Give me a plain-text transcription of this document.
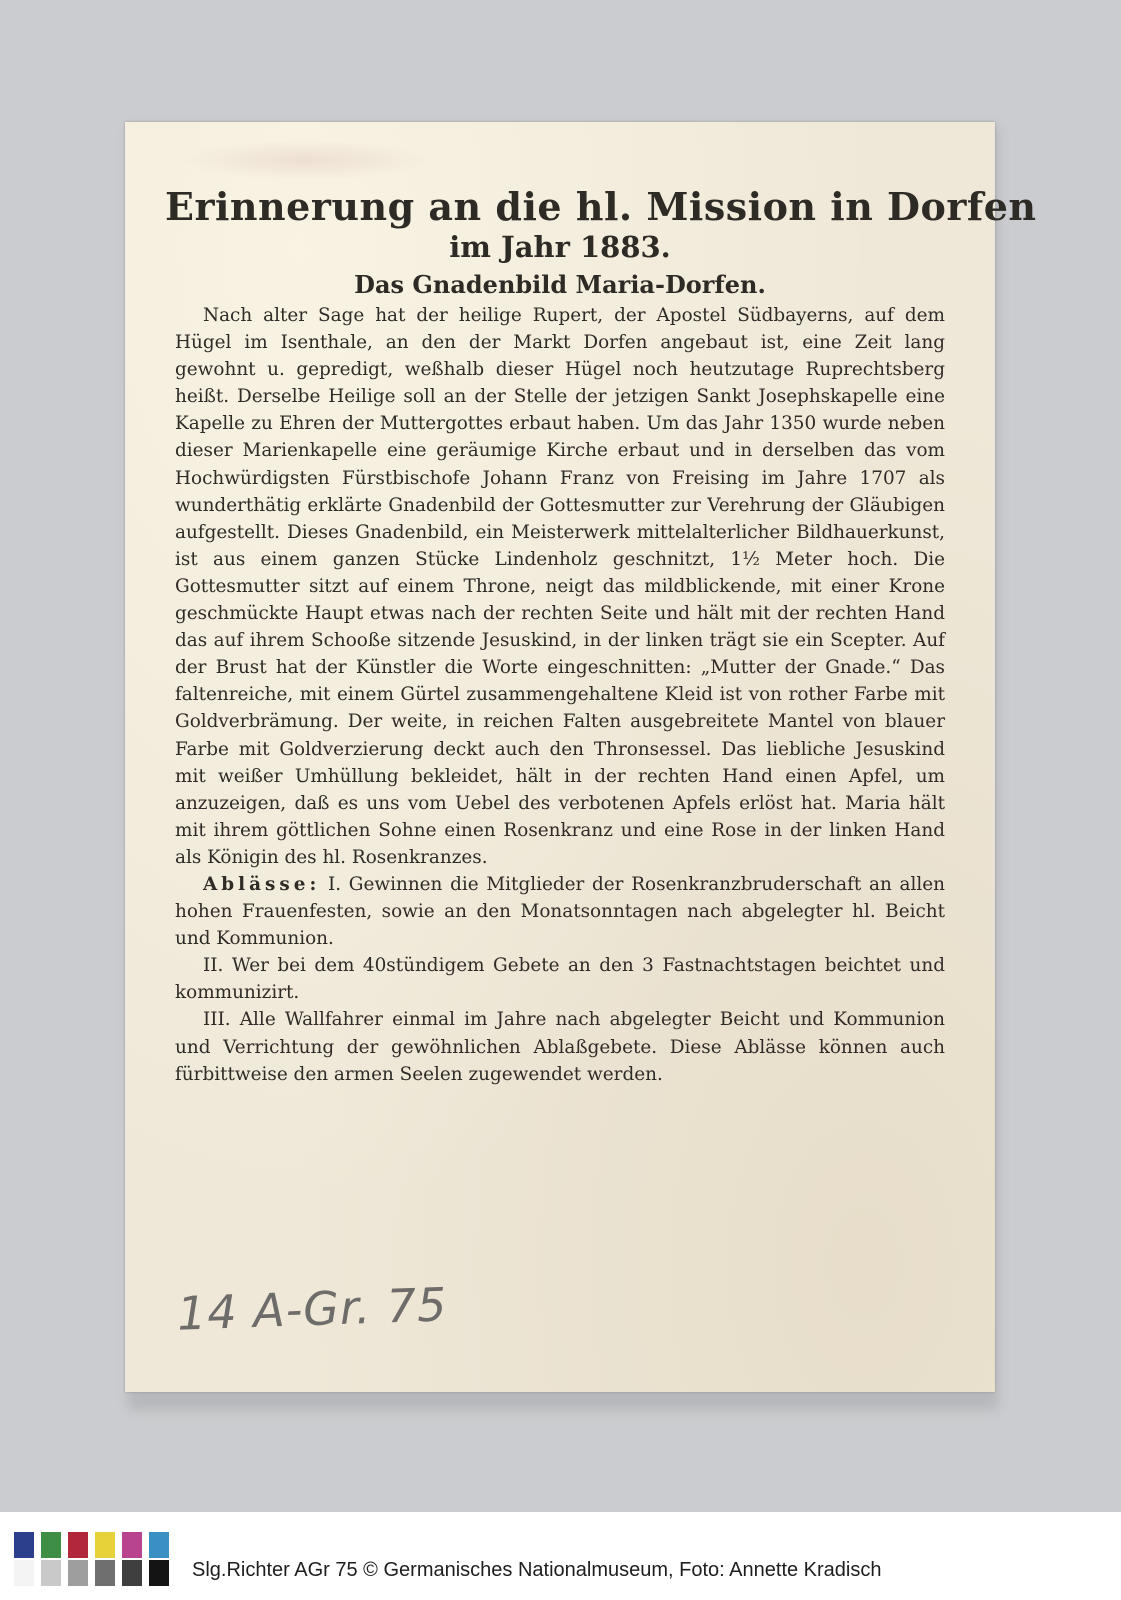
Erinnerung an die hl. Mission in Dorfen
im Jahr 1883.
Das Gnadenbild Maria-Dorfen.

Nach alter Sage hat der heilige Rupert, der Apostel Südbayerns, auf dem Hügel im Isenthale, an den der Markt Dorfen angebaut ist, eine Zeit lang gewohnt u. gepredigt, weßhalb dieser Hügel noch heutzutage Ruprechtsberg heißt. Derselbe Heilige soll an der Stelle der jetzigen Sankt Josephskapelle eine Kapelle zu Ehren der Muttergottes erbaut haben. Um das Jahr 1350 wurde neben dieser Marienkapelle eine geräumige Kirche erbaut und in derselben das vom Hochwürdigsten Fürstbischofe Johann Franz von Freising im Jahre 1707 als wunderthätig erklärte Gnadenbild der Gottesmutter zur Verehrung der Gläubigen aufgestellt. Dieses Gnadenbild, ein Meisterwerk mittelalterlicher Bildhauerkunst, ist aus einem ganzen Stücke Lindenholz geschnitzt, 1½ Meter hoch. Die Gottesmutter sitzt auf einem Throne, neigt das mildblickende, mit einer Krone geschmückte Haupt etwas nach der rechten Seite und hält mit der rechten Hand das auf ihrem Schooße sitzende Jesuskind, in der linken trägt sie ein Scepter. Auf der Brust hat der Künstler die Worte eingeschnitten: „Mutter der Gnade.“ Das faltenreiche, mit einem Gürtel zusammengehaltene Kleid ist von rother Farbe mit Goldverbrämung. Der weite, in reichen Falten ausgebreitete Mantel von blauer Farbe mit Goldverzierung deckt auch den Thronsessel. Das liebliche Jesuskind mit weißer Umhüllung bekleidet, hält in der rechten Hand einen Apfel, um anzuzeigen, daß es uns vom Uebel des verbotenen Apfels erlöst hat. Maria hält mit ihrem göttlichen Sohne einen Rosenkranz und eine Rose in der linken Hand als Königin des hl. Rosenkranzes.

Ablässe: I. Gewinnen die Mitglieder der Rosenkranzbruderschaft an allen hohen Frauenfesten, sowie an den Monatsonntagen nach abgelegter hl. Beicht und Kommunion.

II. Wer bei dem 40stündigem Gebete an den 3 Fastnachtstagen beichtet und kommunizirt.

III. Alle Wallfahrer einmal im Jahre nach abgelegter Beicht und Kommunion und Verrichtung der gewöhnlichen Ablaßgebete. Diese Ablässe können auch fürbittweise den armen Seelen zugewendet werden.

14 A-Gr. 75
Slg.Richter AGr 75 © Germanisches Nationalmuseum, Foto: Annette Kradisch
